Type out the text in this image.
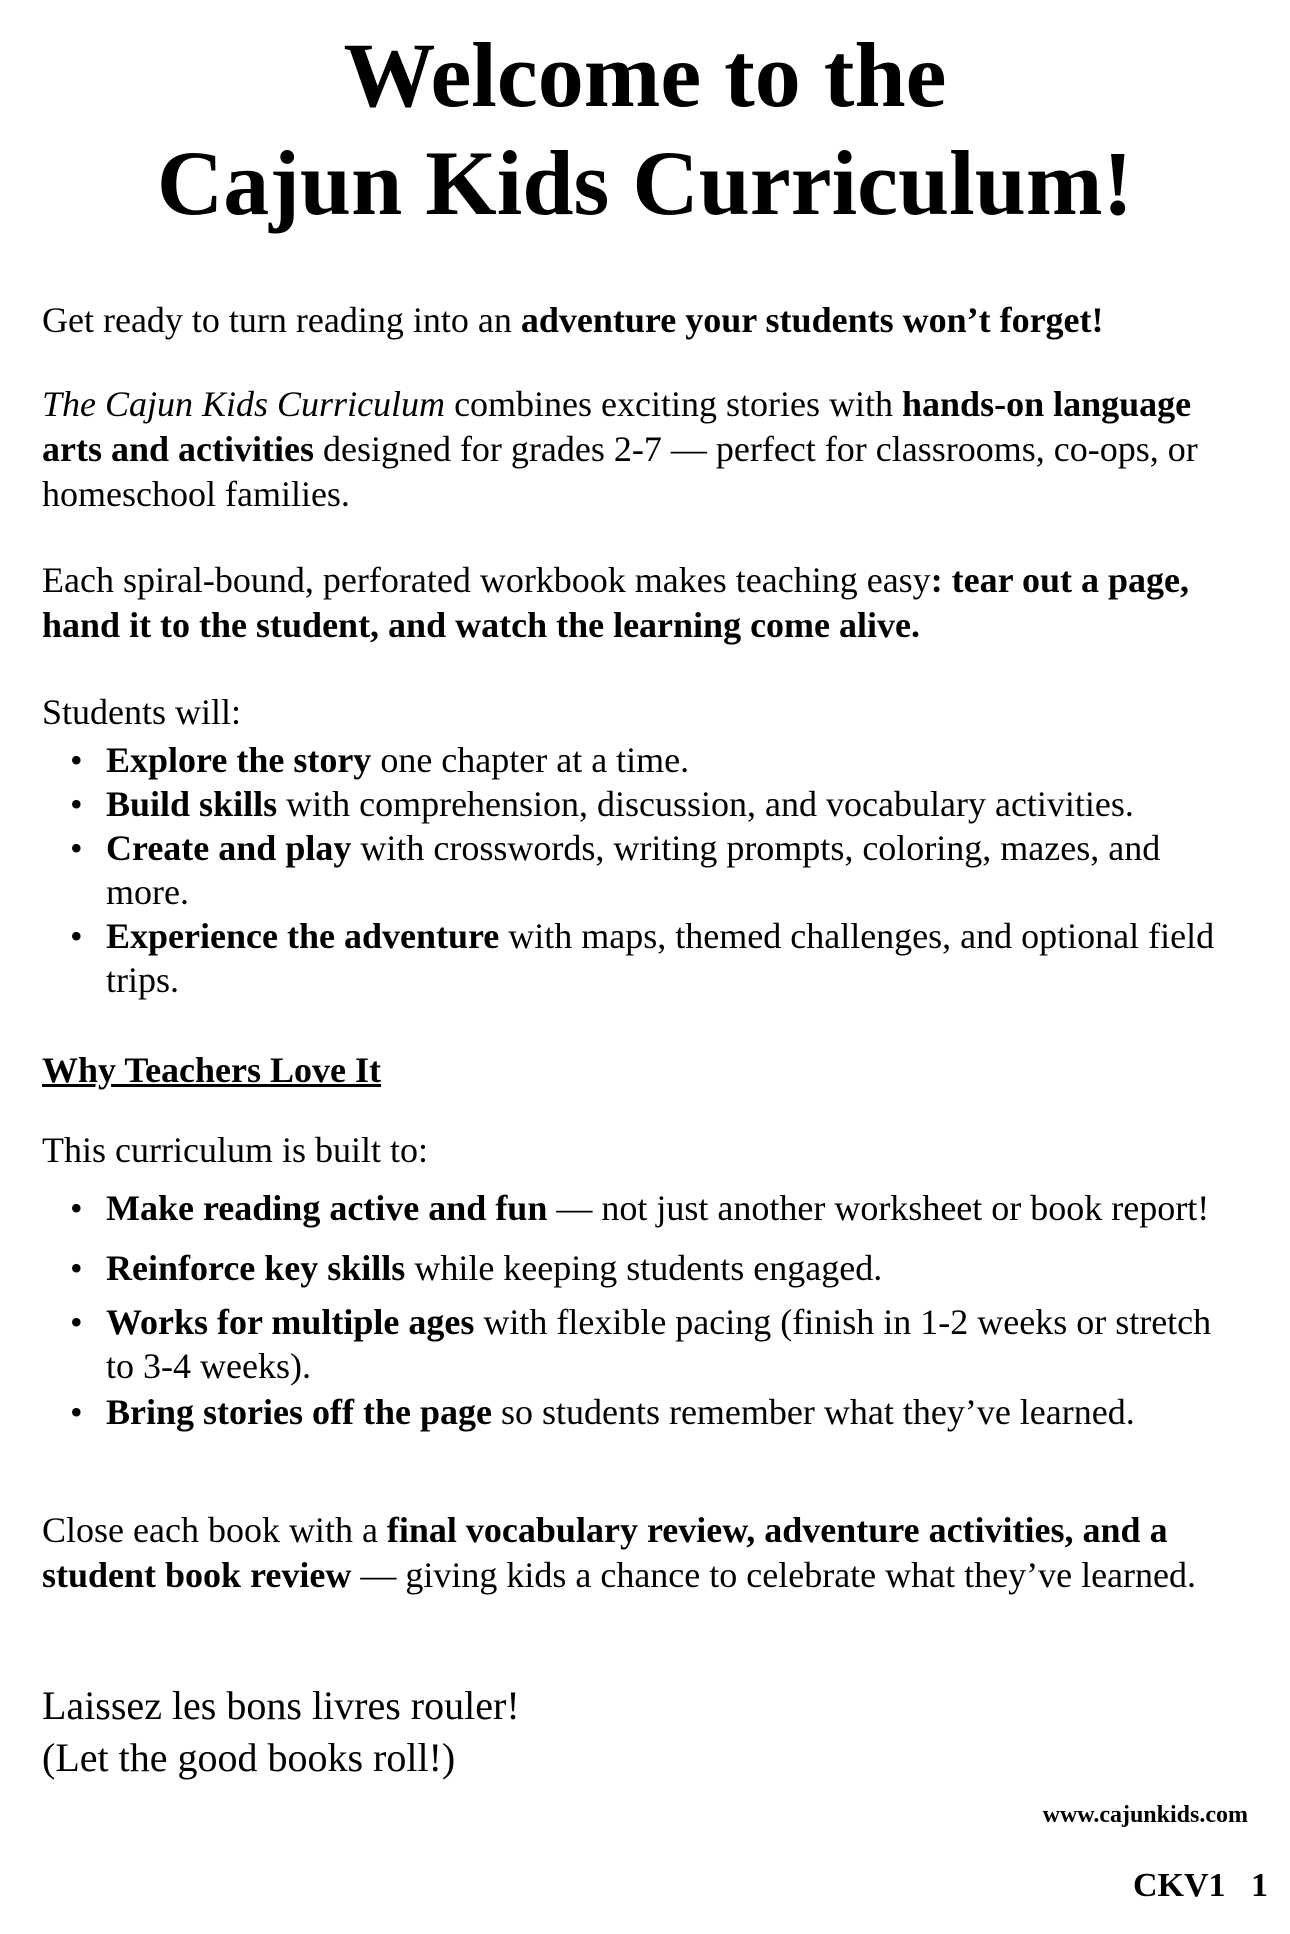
Welcome to the
Cajun Kids Curriculum!

Get ready to turn reading into an adventure your students won’t forget!

The Cajun Kids Curriculum combines exciting stories with hands-on language arts and activities designed for grades 2-7 — perfect for classrooms, co-ops, or homeschool families.

Each spiral-bound, perforated workbook makes teaching easy: tear out a page, hand it to the student, and watch the learning come alive.

Students will:

• Explore the story one chapter at a time.
• Build skills with comprehension, discussion, and vocabulary activities.
• Create and play with crosswords, writing prompts, coloring, mazes, and more.
• Experience the adventure with maps, themed challenges, and optional field trips.

Why Teachers Love It

This curriculum is built to:

• Make reading active and fun — not just another worksheet or book report!
• Reinforce key skills while keeping students engaged.
• Works for multiple ages with flexible pacing (finish in 1-2 weeks or stretch to 3-4 weeks).
• Bring stories off the page so students remember what they’ve learned.

Close each book with a final vocabulary review, adventure activities, and a student book review — giving kids a chance to celebrate what they’ve learned.

Laissez les bons livres rouler!
(Let the good books roll!)

www.cajunkids.com

CKV1 1
